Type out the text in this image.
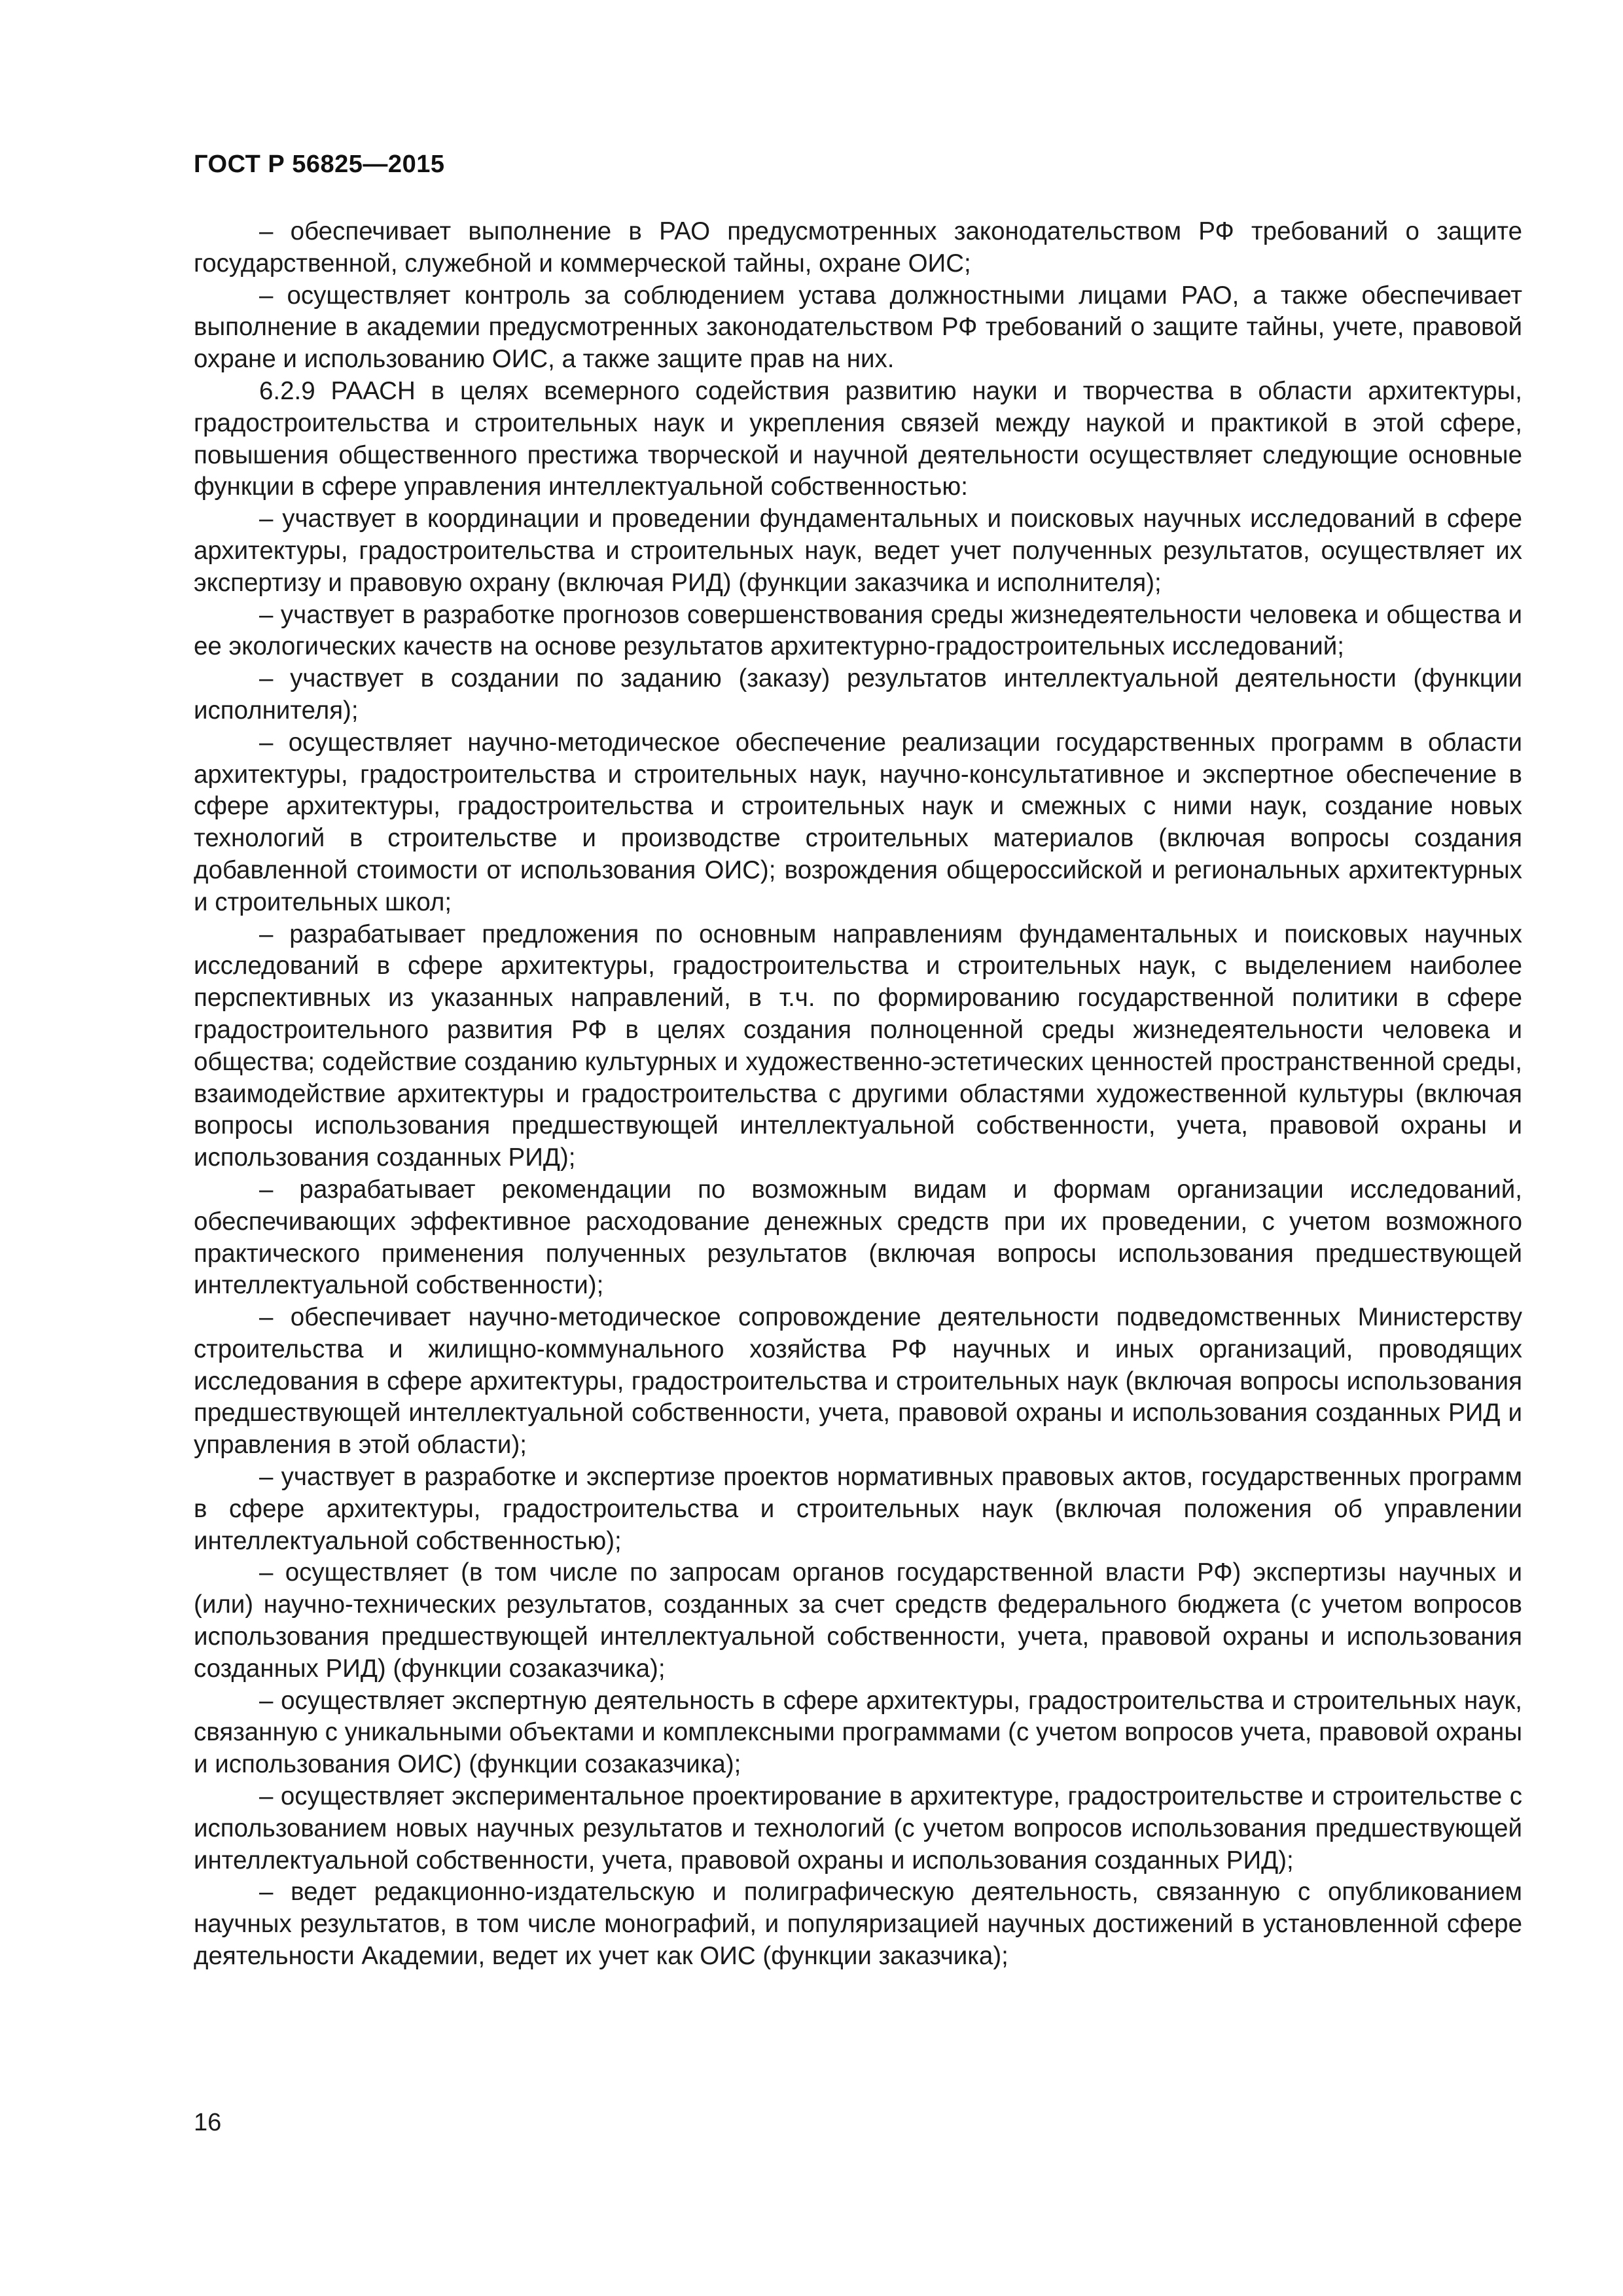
ГОСТ Р 56825—2015

– обеспечивает выполнение в РАО предусмотренных законодательством РФ требований о защите государственной, служебной и коммерческой тайны, охране ОИС;

– осуществляет контроль за соблюдением устава должностными лицами РАО, а также обеспечивает выполнение в академии предусмотренных законодательством РФ требований о защите тайны, учете, правовой охране и использованию ОИС, а также защите прав на них.

6.2.9 РААСН в целях всемерного содействия развитию науки и творчества в области архитектуры, градостроительства и строительных наук и укрепления связей между наукой и практикой в этой сфере, повышения общественного престижа творческой и научной деятельности осуществляет следующие основные функции в сфере управления интеллектуальной собственностью:

– участвует в координации и проведении фундаментальных и поисковых научных исследований в сфере архитектуры, градостроительства и строительных наук, ведет учет полученных результатов, осуществляет их экспертизу и правовую охрану (включая РИД) (функции заказчика и исполнителя);

– участвует в разработке прогнозов совершенствования среды жизнедеятельности человека и общества и ее экологических качеств на основе результатов архитектурно-градостроительных исследований;

– участвует в создании по заданию (заказу) результатов интеллектуальной деятельности (функции исполнителя);

– осуществляет научно-методическое обеспечение реализации государственных программ в области архитектуры, градостроительства и строительных наук, научно-консультативное и экспертное обеспечение в сфере архитектуры, градостроительства и строительных наук и смежных с ними наук, создание новых технологий в строительстве и производстве строительных материалов (включая вопросы создания добавленной стоимости от использования ОИС); возрождения общероссийской и региональных архитектурных и строительных школ;

– разрабатывает предложения по основным направлениям фундаментальных и поисковых научных исследований в сфере архитектуры, градостроительства и строительных наук, с выделением наиболее перспективных из указанных направлений, в т.ч. по формированию государственной политики в сфере градостроительного развития РФ в целях создания полноценной среды жизнедеятельности человека и общества; содействие созданию культурных и художественно-эстетических ценностей пространственной среды, взаимодействие архитектуры и градостроительства с другими областями художественной культуры (включая вопросы использования предшествующей интеллектуальной собственности, учета, правовой охраны и использования созданных РИД);

– разрабатывает рекомендации по возможным видам и формам организации исследований, обеспечивающих эффективное расходование денежных средств при их проведении, с учетом возможного практического применения полученных результатов (включая вопросы использования предшествующей интеллектуальной собственности);

– обеспечивает научно-методическое сопровождение деятельности подведомственных Министерству строительства и жилищно-коммунального хозяйства РФ научных и иных организаций, проводящих исследования в сфере архитектуры, градостроительства и строительных наук (включая вопросы использования предшествующей интеллектуальной собственности, учета, правовой охраны и использования созданных РИД и управления в этой области);

– участвует в разработке и экспертизе проектов нормативных правовых актов, государственных программ в сфере архитектуры, градостроительства и строительных наук (включая положения об управлении интеллектуальной собственностью);

– осуществляет (в том числе по запросам органов государственной власти РФ) экспертизы научных и (или) научно-технических результатов, созданных за счет средств федерального бюджета (с учетом вопросов использования предшествующей интеллектуальной собственности, учета, правовой охраны и использования созданных РИД) (функции созаказчика);

– осуществляет экспертную деятельность в сфере архитектуры, градостроительства и строительных наук, связанную с уникальными объектами и комплексными программами (с учетом вопросов учета, правовой охраны и использования ОИС) (функции созаказчика);

– осуществляет экспериментальное проектирование в архитектуре, градостроительстве и строительстве с использованием новых научных результатов и технологий (с учетом вопросов использования предшествующей интеллектуальной собственности, учета, правовой охраны и использования созданных РИД);

– ведет редакционно-издательскую и полиграфическую деятельность, связанную с опубликованием научных результатов, в том числе монографий, и популяризацией научных достижений в установленной сфере деятельности Академии, ведет их учет как ОИС (функции заказчика);

16
